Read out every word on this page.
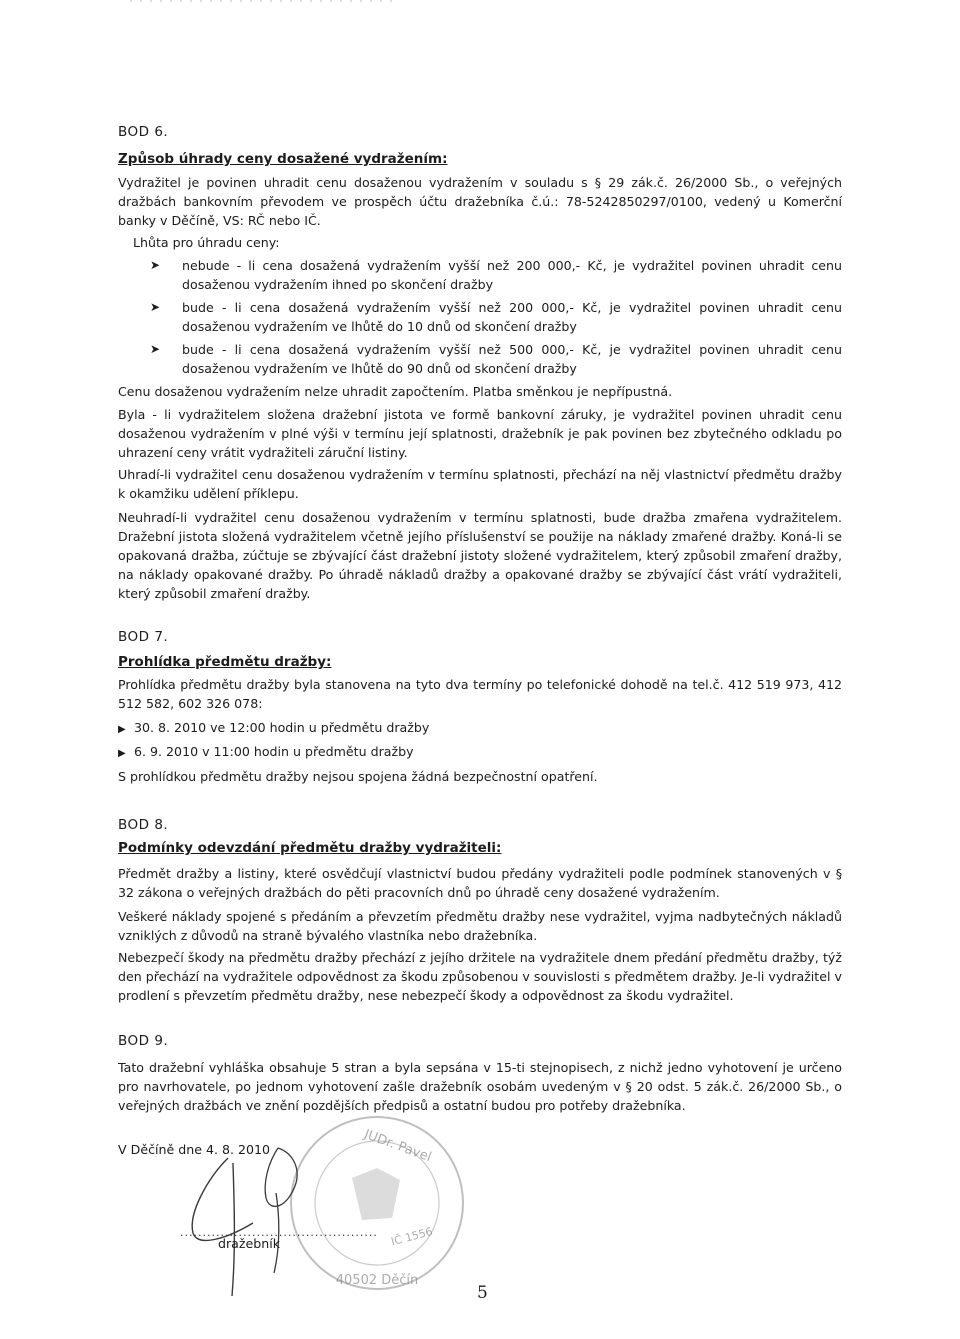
BOD 6.
Způsob úhrady ceny dosažené vydražením:
Vydražitel je povinen uhradit cenu dosaženou vydražením v souladu s § 29 zák.č. 26/2000 Sb., o veřejných dražbách bankovním převodem ve prospěch účtu dražebníka č.ú.: 78-5242850297/0100, vedený u Komerční banky v Děčíně, VS: RČ nebo IČ.
Lhůta pro úhradu ceny:
➤ nebude - li cena dosažená vydražením vyšší než 200 000,- Kč, je vydražitel povinen uhradit cenu dosaženou vydražením ihned po skončení dražby
➤ bude - li cena dosažená vydražením vyšší než 200 000,- Kč, je vydražitel povinen uhradit cenu dosaženou vydražením ve lhůtě do 10 dnů od skončení dražby
➤ bude - li cena dosažená vydražením vyšší než 500 000,- Kč, je vydražitel povinen uhradit cenu dosaženou vydražením ve lhůtě do 90 dnů od skončení dražby
Cenu dosaženou vydražením nelze uhradit započtením. Platba směnkou je nepřípustná.
Byla - li vydražitelem složena dražební jistota ve formě bankovní záruky, je vydražitel povinen uhradit cenu dosaženou vydražením v plné výši v termínu její splatnosti, dražebník je pak povinen bez zbytečného odkladu po uhrazení ceny vrátit vydražiteli záruční listiny.
Uhradí-li vydražitel cenu dosaženou vydražením v termínu splatnosti, přechází na něj vlastnictví předmětu dražby k okamžiku udělení příklepu.
Neuhradí-li vydražitel cenu dosaženou vydražením v termínu splatnosti, bude dražba zmařena vydražitelem. Dražební jistota složená vydražitelem včetně jejího příslušenství se použije na náklady zmařené dražby. Koná-li se opakovaná dražba, zúčtuje se zbývající část dražební jistoty složené vydražitelem, který způsobil zmaření dražby, na náklady opakované dražby. Po úhradě nákladů dražby a opakované dražby se zbývající část vrátí vydražiteli, který způsobil zmaření dražby.
BOD 7.
Prohlídka předmětu dražby:
Prohlídka předmětu dražby byla stanovena na tyto dva termíny po telefonické dohodě na tel.č. 412 519 973, 412 512 582, 602 326 078:
▶ 30. 8. 2010 ve 12:00 hodin u předmětu dražby
▶ 6. 9. 2010 v 11:00 hodin u předmětu dražby
S prohlídkou předmětu dražby nejsou spojena žádná bezpečnostní opatření.
BOD 8.
Podmínky odevzdání předmětu dražby vydražiteli:
Předmět dražby a listiny, které osvědčují vlastnictví budou předány vydražiteli podle podmínek stanovených v § 32 zákona o veřejných dražbách do pěti pracovních dnů po úhradě ceny dosažené vydražením.
Veškeré náklady spojené s předáním a převzetím předmětu dražby nese vydražitel, vyjma nadbytečných nákladů vzniklých z důvodů na straně bývalého vlastníka nebo dražebníka.
Nebezpečí škody na předmětu dražby přechází z jejího držitele na vydražitele dnem předání předmětu dražby, týž den přechází na vydražitele odpovědnost za škodu způsobenou v souvislosti s předmětem dražby. Je-li vydražitel v prodlení s převzetím předmětu dražby, nese nebezpečí škody a odpovědnost za škodu vydražitel.
BOD 9.
Tato dražební vyhláška obsahuje 5 stran a byla sepsána v 15-ti stejnopisech, z nichž jedno vyhotovení je určeno pro navrhovatele, po jednom vyhotovení zašle dražebník osobám uvedeným v § 20 odst. 5 zák.č. 26/2000 Sb., o veřejných dražbách ve znění pozdějších předpisů a ostatní budou pro potřeby dražebníka.
V Děčíně dne 4. 8. 2010	JUDr. Pavel
IČ 1556
40502 Děčín
............................................
dražebník
5
